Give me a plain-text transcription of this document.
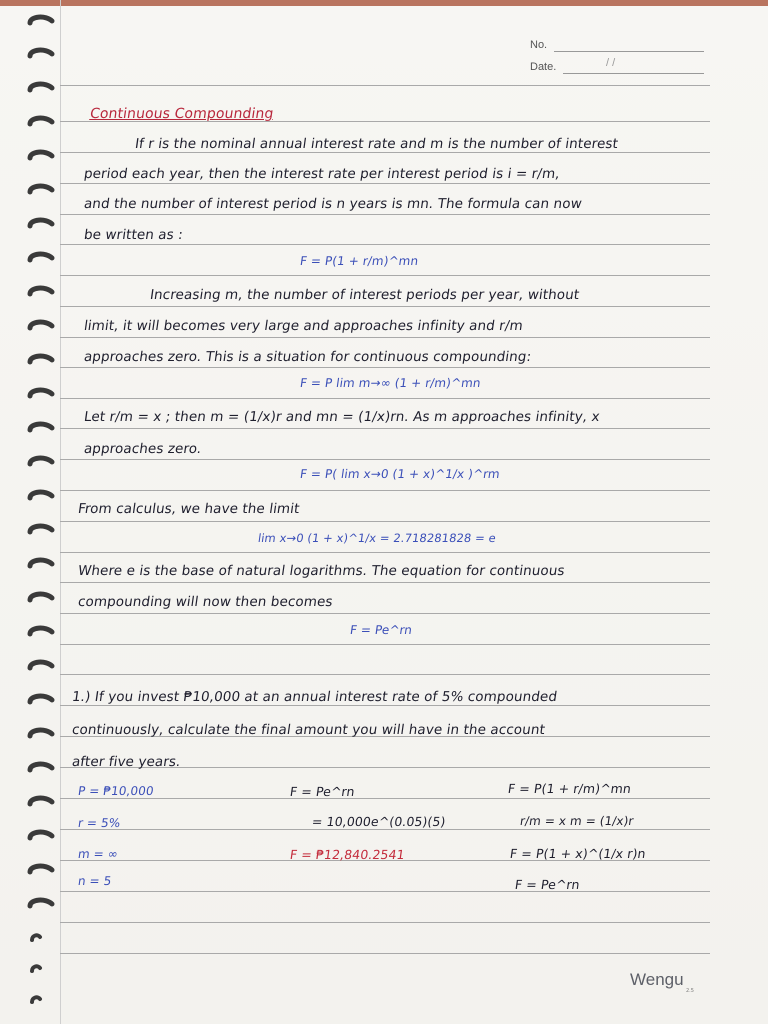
No.
Date.	/ /
Continuous Compounding
If r is the nominal annual interest rate and m is the number of interest
period each year, then the interest rate per interest period is i = r/m,
and the number of interest period is n years is mn. The formula can now
be written as :
F = P(1 + r/m)^mn
Increasing m, the number of interest periods per year, without
limit, it will becomes very large and approaches infinity and r/m
approaches zero. This is a situation for continuous compounding:
F = P lim m→∞ (1 + r/m)^mn
Let r/m = x ; then m = (1/x)r and mn = (1/x)rn. As m approaches infinity, x
approaches zero.
F = P( lim x→0 (1 + x)^1/x )^rm
From calculus, we have the limit
lim x→0 (1 + x)^1/x = 2.718281828 = e
Where e is the base of natural logarithms. The equation for continuous
compounding will now then becomes
F = Pe^rn
1.) If you invest ₱10,000 at an annual interest rate of 5% compounded
continuously, calculate the final amount you will have in the account
after five years.
P = ₱10,000
r = 5%
m = ∞
n = 5
F = Pe^rn
= 10,000e^(0.05)(5)
F = ₱12,840.2541
F = P(1 + r/m)^mn
r/m = x m = (1/x)r
F = P(1 + x)^(1/x r)n
F = Pe^rn
Wengu
2.5
